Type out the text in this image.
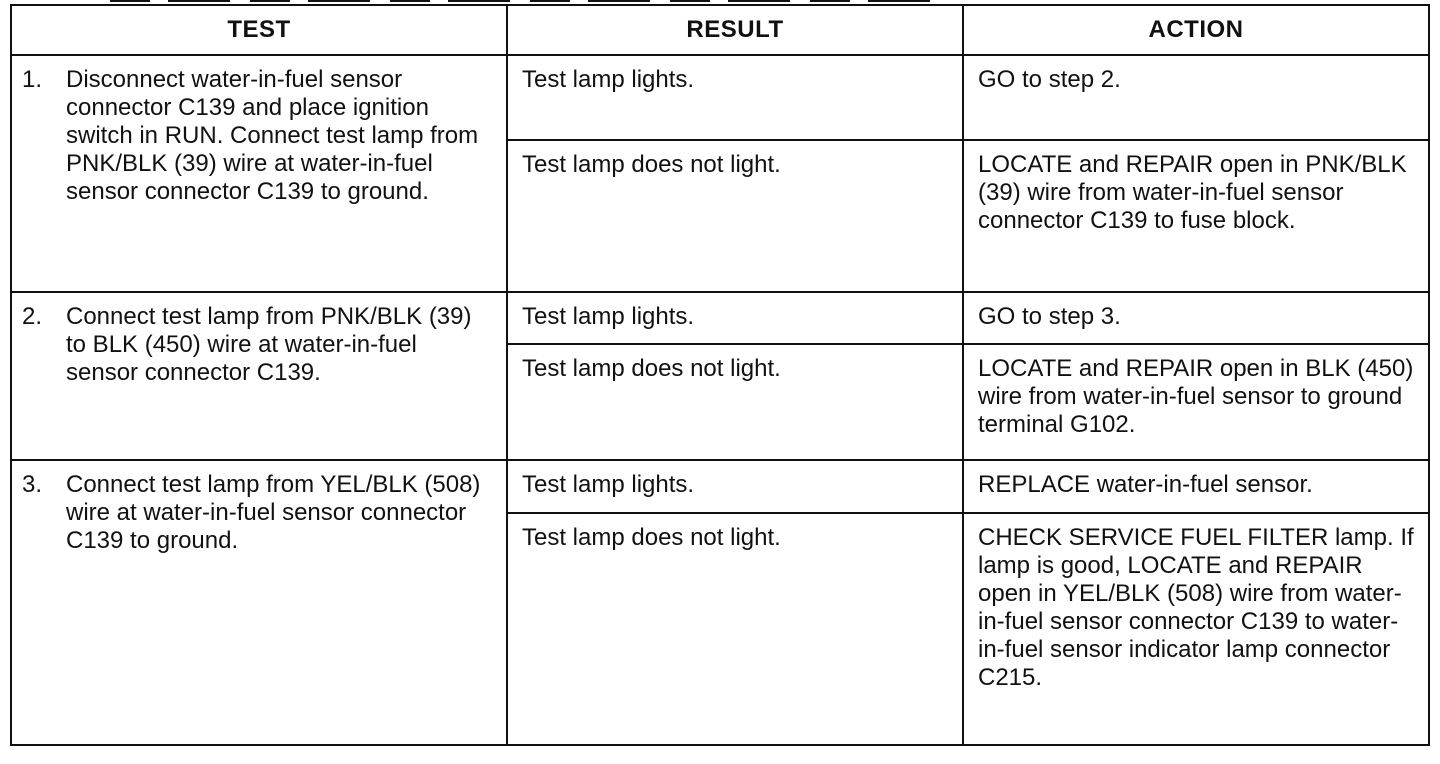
TEST	RESULT	ACTION

1. Disconnect water-in-fuel sensor connector C139 and place ignition switch in RUN. Connect test lamp from PNK/BLK (39) wire at water-in-fuel sensor connector C139 to ground.	Test lamp lights.	GO to step 2.
	Test lamp does not light.	LOCATE and REPAIR open in PNK/BLK (39) wire from water-in-fuel sensor connector C139 to fuse block.

2. Connect test lamp from PNK/BLK (39) to BLK (450) wire at water-in-fuel sensor connector C139.	Test lamp lights.	GO to step 3.
	Test lamp does not light.	LOCATE and REPAIR open in BLK (450) wire from water-in-fuel sensor to ground terminal G102.

3. Connect test lamp from YEL/BLK (508) wire at water-in-fuel sensor connector C139 to ground.	Test lamp lights.	REPLACE water-in-fuel sensor.
	Test lamp does not light.	CHECK SERVICE FUEL FILTER lamp. If lamp is good, LOCATE and REPAIR open in YEL/BLK (508) wire from water-in-fuel sensor connector C139 to water-in-fuel sensor indicator lamp connector C215.
